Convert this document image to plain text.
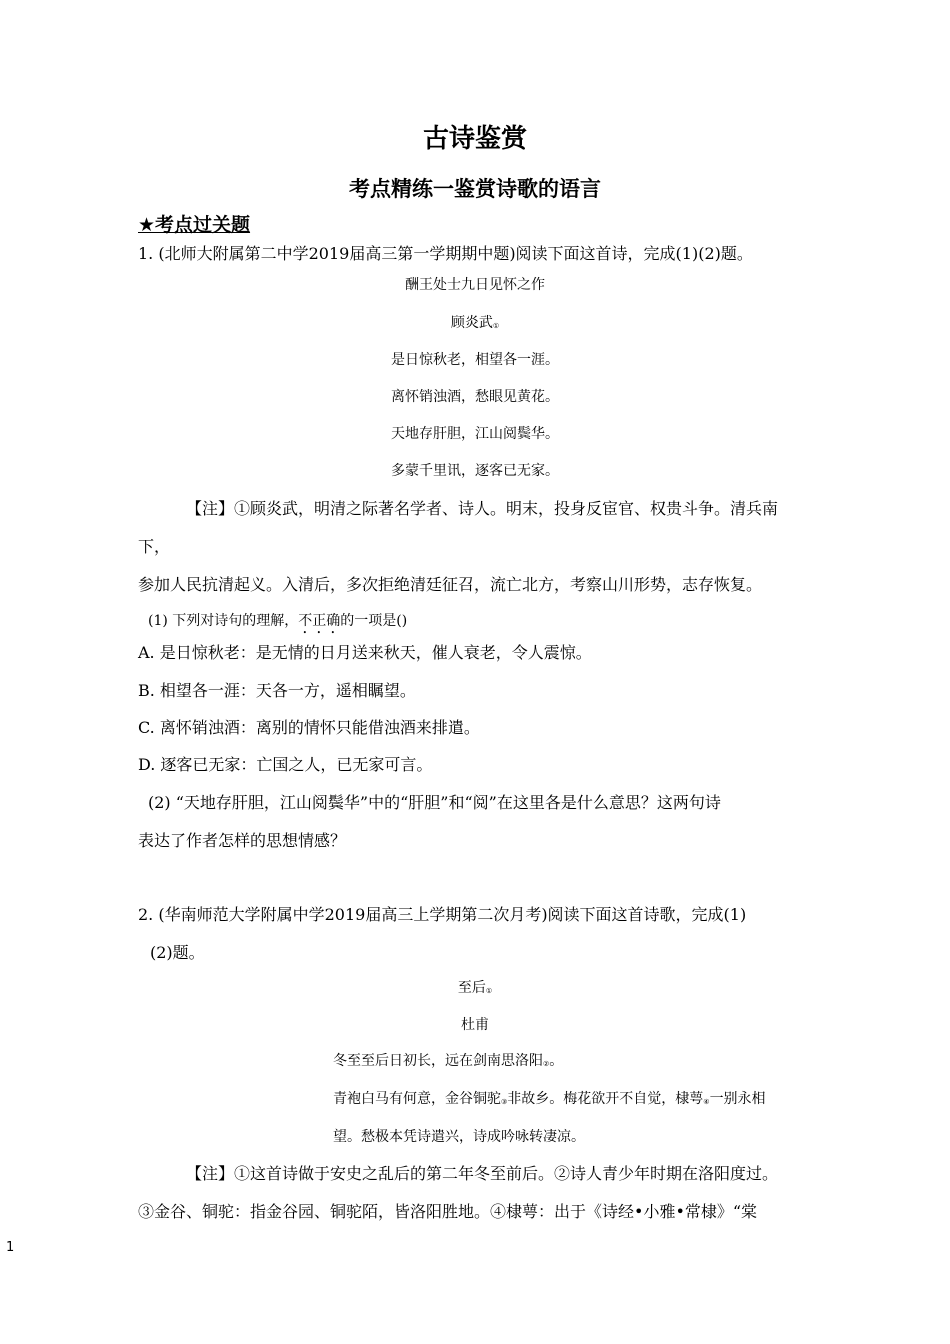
古诗鉴赏
考点精练一鉴赏诗歌的语言
★考点过关题
1. (北师大附属第二中学2019届高三第一学期期中题)阅读下面这首诗，完成(1)(2)题。
酬王处士九日见怀之作
顾炎武$_①$
是日惊秋老，相望各一涯。
离怀销浊酒，愁眼见黄花。
天地存肝胆，江山阅鬓华。
多蒙千里讯，逐客已无家。
【注】①顾炎武，明清之际著名学者、诗人。明末，投身反宦官、权贵斗争。清兵南
下，
参加人民抗清起义。入清后，多次拒绝清廷征召，流亡北方，考察山川形势，志存恢复。
(1) 下列对诗句的理解，不正确的一项是()
A. 是日惊秋老：是无情的日月送来秋天，催人衰老，令人震惊。
B. 相望各一涯：天各一方，遥相瞩望。
C. 离怀销浊酒：离别的情怀只能借浊酒来排遣。
D. 逐客已无家：亡国之人，已无家可言。
(2) “天地存肝胆，江山阅鬓华”中的“肝胆”和“阅”在这里各是什么意思？这两句诗
表达了作者怎样的思想情感？
2. (华南师范大学附属中学2019届高三上学期第二次月考)阅读下面这首诗歌，完成(1)
(2)题。
至后$_①$
杜甫
冬至至后日初长，远在剑南思洛阳$_②$。
青袍白马有何意，金谷铜驼$_③$非故乡。梅花欲开不自觉，棣萼$_④$一别永相
望。愁极本凭诗遣兴，诗成吟咏转凄凉。
【注】①这首诗做于安史之乱后的第二年冬至前后。②诗人青少年时期在洛阳度过。
③金谷、铜驼：指金谷园、铜驼陌，皆洛阳胜地。④棣萼：出于《诗经•小雅•常棣》“棠
1
